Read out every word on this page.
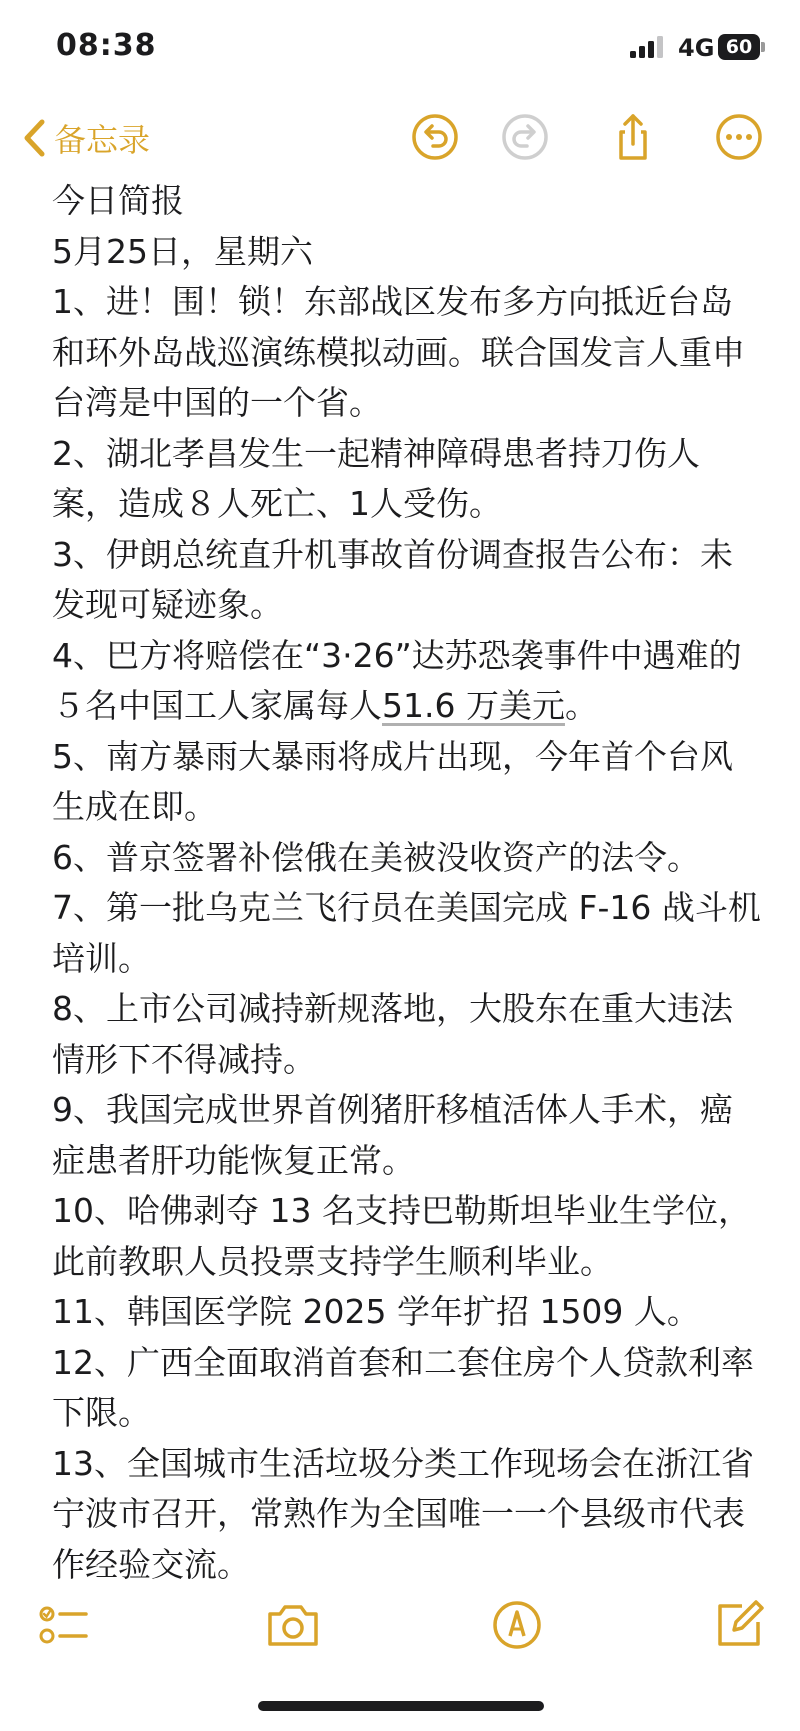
08:38	4G 60
备忘录
今日简报
5月25日，星期六
1、进！围！锁！东部战区发布多方向抵近台岛和环外岛战巡演练模拟动画。联合国发言人重申台湾是中国的一个省。
2、湖北孝昌发生一起精神障碍患者持刀伤人案，造成８人死亡、1人受伤。
3、伊朗总统直升机事故首份调查报告公布：未发现可疑迹象。
4、巴方将赔偿在“3·26”达苏恐袭事件中遇难的５名中国工人家属每人51.6 万美元。
5、南方暴雨大暴雨将成片出现，今年首个台风生成在即。
6、普京签署补偿俄在美被没收资产的法令。
7、第一批乌克兰飞行员在美国完成 F-16 战斗机培训。
8、上市公司减持新规落地，大股东在重大违法情形下不得减持。
9、我国完成世界首例猪肝移植活体人手术，癌症患者肝功能恢复正常。
10、哈佛剥夺 13 名支持巴勒斯坦毕业生学位，此前教职人员投票支持学生顺利毕业。
11、韩国医学院 2025 学年扩招 1509 人。
12、广西全面取消首套和二套住房个人贷款利率下限。
13、全国城市生活垃圾分类工作现场会在浙江省宁波市召开，常熟作为全国唯一一个县级市代表作经验交流。
